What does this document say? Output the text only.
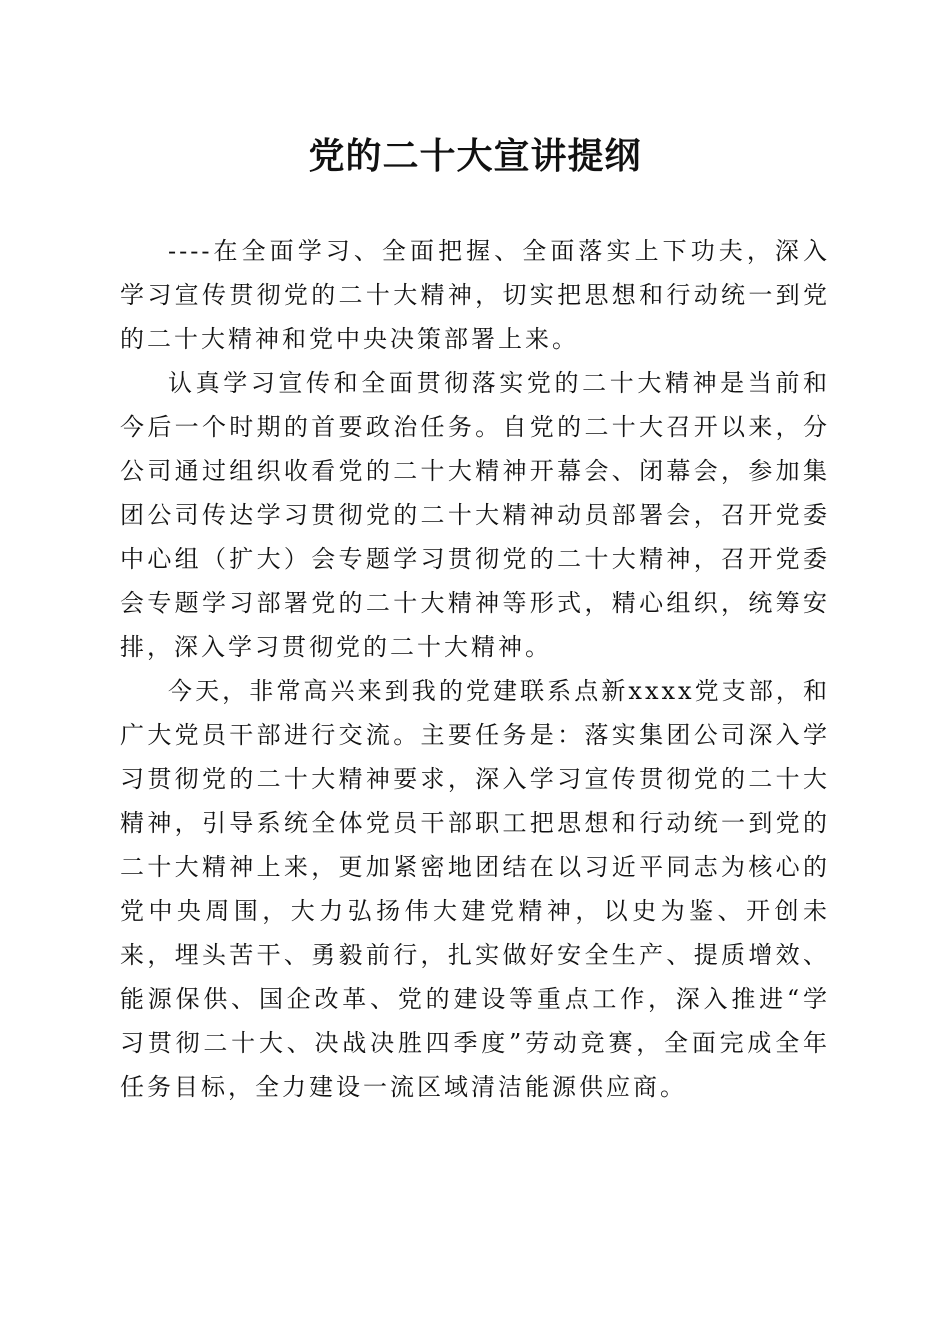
党的二十大宣讲提纲

----在全面学习、全面把握、全面落实上下功夫，深入学习宣传贯彻党的二十大精神，切实把思想和行动统一到党的二十大精神和党中央决策部署上来。

认真学习宣传和全面贯彻落实党的二十大精神是当前和今后一个时期的首要政治任务。自党的二十大召开以来，分公司通过组织收看党的二十大精神开幕会、闭幕会，参加集团公司传达学习贯彻党的二十大精神动员部署会，召开党委中心组（扩大）会专题学习贯彻党的二十大精神，召开党委会专题学习部署党的二十大精神等形式，精心组织，统筹安排，深入学习贯彻党的二十大精神。

今天，非常高兴来到我的党建联系点新xxxx党支部，和广大党员干部进行交流。主要任务是：落实集团公司深入学习贯彻党的二十大精神要求，深入学习宣传贯彻党的二十大精神，引导系统全体党员干部职工把思想和行动统一到党的二十大精神上来，更加紧密地团结在以习近平同志为核心的党中央周围，大力弘扬伟大建党精神，以史为鉴、开创未来，埋头苦干、勇毅前行，扎实做好安全生产、提质增效、能源保供、国企改革、党的建设等重点工作，深入推进“学习贯彻二十大、决战决胜四季度”劳动竞赛，全面完成全年任务目标，全力建设一流区域清洁能源供应商。
